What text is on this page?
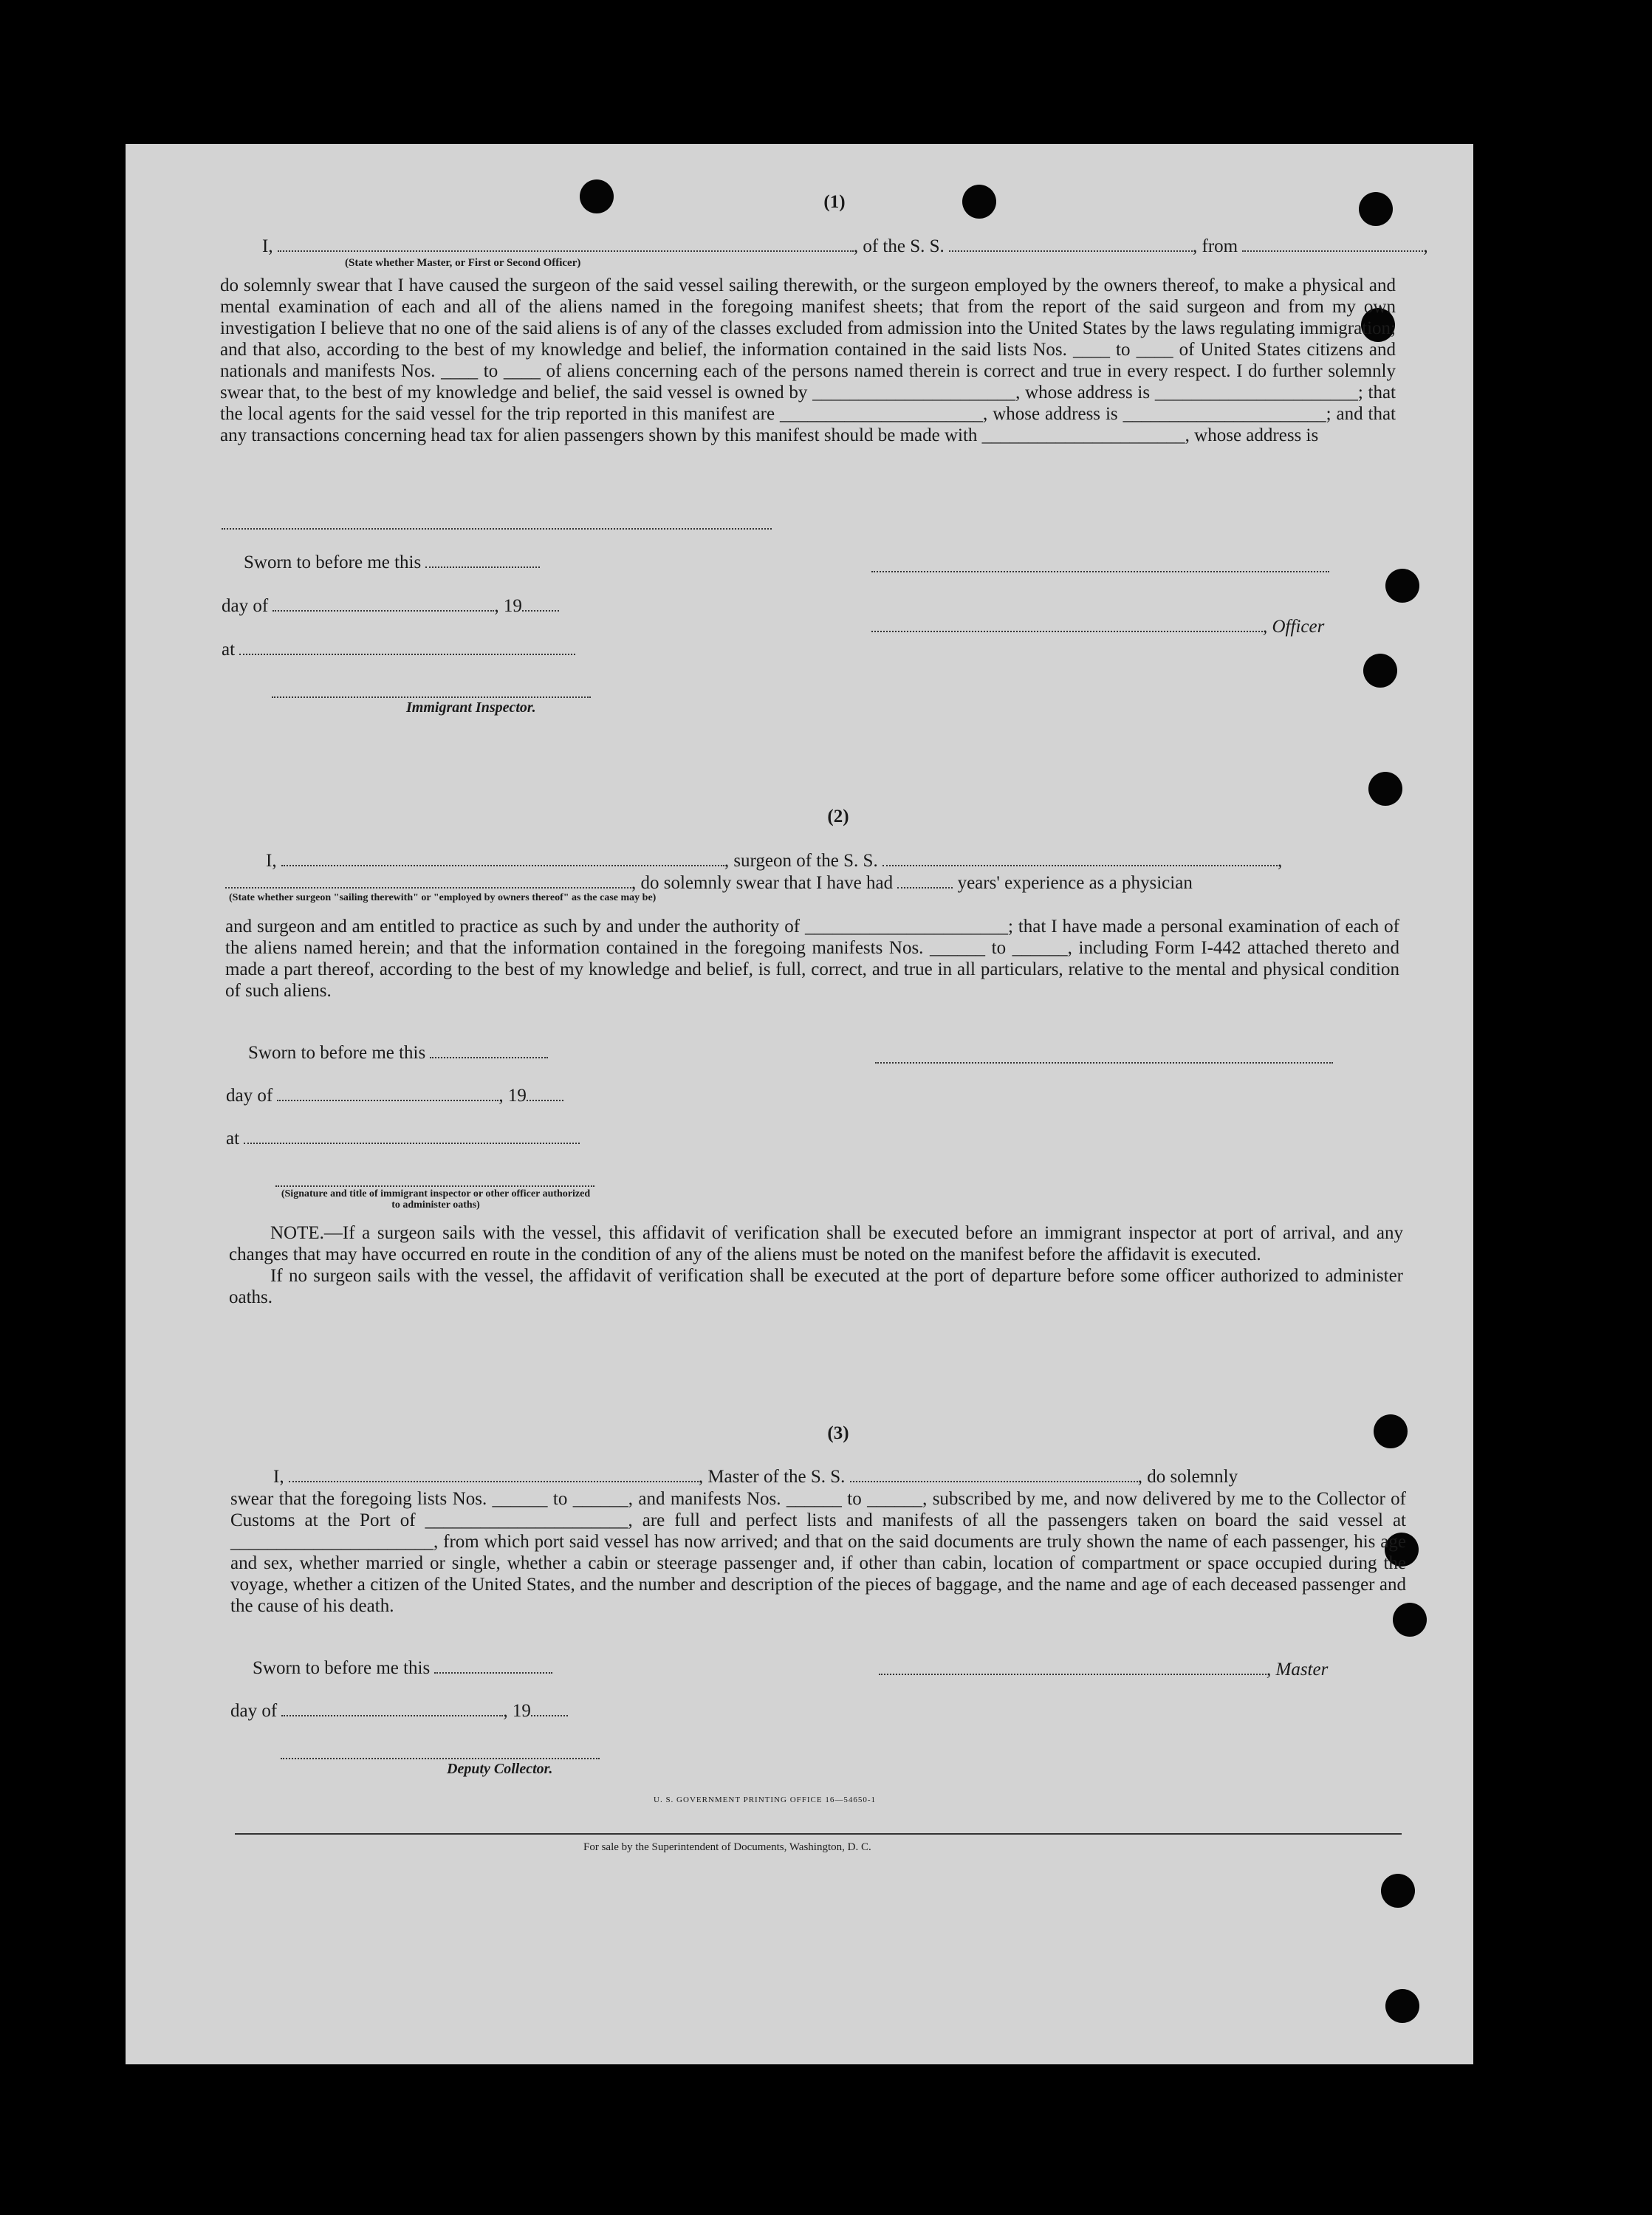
(1)
I,	, of the S. S.	, from	,
(State whether Master, or First or Second Officer)

do solemnly swear that I have caused the surgeon of the said vessel sailing therewith, or the surgeon employed by the owners thereof, to make a physical and mental examination of each and all of the aliens named in the foregoing manifest sheets; that from the report of the said surgeon and from my own investigation I believe that no one of the said aliens is of any of the classes excluded from admission into the United States by the laws regulating immigration; and that also, according to the best of my knowledge and belief, the information contained in the said lists Nos. ____ to ____ of United States citizens and nationals and manifests Nos. ____ to ____ of aliens concerning each of the persons named therein is correct and true in every respect. I do further solemnly swear that, to the best of my knowledge and belief, the said vessel is owned by ______________________, whose address is ______________________; that the local agents for the said vessel for the trip reported in this manifest are ______________________, whose address is ______________________; and that any transactions concerning head tax for alien passengers shown by this manifest should be made with ______________________, whose address is

Sworn to before me this
day of	, 19
, Officer
at
Immigrant Inspector.
(2)
I,	, surgeon of the S. S.	,
, do solemnly swear that I have had	years' experience as a physician
(State whether surgeon "sailing therewith" or "employed by owners thereof" as the case may be)

and surgeon and am entitled to practice as such by and under the authority of ______________________; that I have made a personal examination of each of the aliens named herein; and that the information contained in the foregoing manifests Nos. ______ to ______, including Form I-442 attached thereto and made a part thereof, according to the best of my knowledge and belief, is full, correct, and true in all particulars, relative to the mental and physical condition of such aliens.

Sworn to before me this
day of	, 19
at
(Signature and title of immigrant inspector or other officer authorized to administer oaths)

NOTE.—If a surgeon sails with the vessel, this affidavit of verification shall be executed before an immigrant inspector at port of arrival, and any changes that may have occurred en route in the condition of any of the aliens must be noted on the manifest before the affidavit is executed.

If no surgeon sails with the vessel, the affidavit of verification shall be executed at the port of departure before some officer authorized to administer oaths.

(3)
I,	, Master of the S. S.	, do solemnly

swear that the foregoing lists Nos. ______ to ______, and manifests Nos. ______ to ______, subscribed by me, and now delivered by me to the Collector of Customs at the Port of ______________________, are full and perfect lists and manifests of all the passengers taken on board the said vessel at ______________________, from which port said vessel has now arrived; and that on the said documents are truly shown the name of each passenger, his age and sex, whether married or single, whether a cabin or steerage passenger and, if other than cabin, location of compartment or space occupied during the voyage, whether a citizen of the United States, and the number and description of the pieces of baggage, and the name and age of each deceased passenger and the cause of his death.

Sworn to before me this	, Master
day of	, 19
Deputy Collector.
U. S. GOVERNMENT PRINTING OFFICE 16—54650-1
For sale by the Superintendent of Documents, Washington, D. C.
